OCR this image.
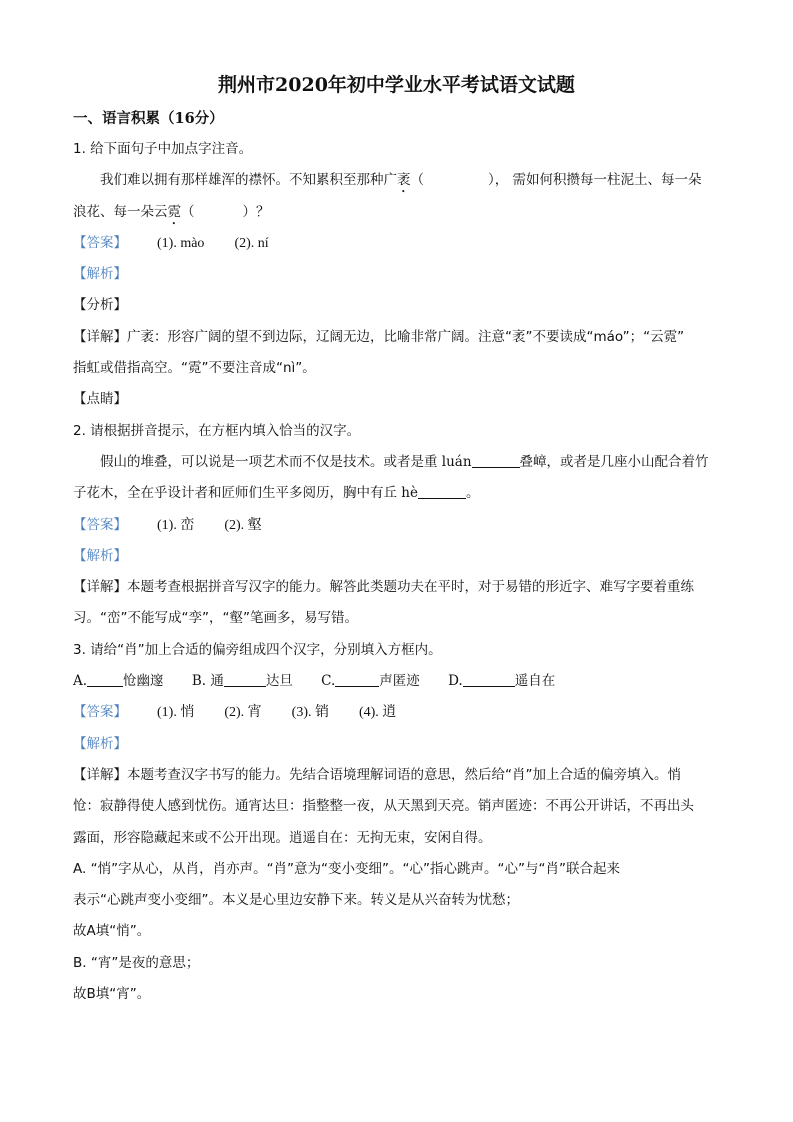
荆州市2020年初中学业水平考试语文试题
一、语言积累（16分）
1. 给下面句子中加点字注音。
我们难以拥有那样雄浑的襟怀。不知累积至那种广袤（	）， 需如何积攒每一柱泥土、每一朵
浪花、每一朵云霓（	）？
【答案】 (1). mào (2). ní
【解析】
【分析】
【详解】广袤：形容广阔的望不到边际，辽阔无边，比喻非常广阔。注意“袤”不要读成“máo”；“云霓”
指虹或借指高空。“霓”不要注音成“nì”。
【点睛】
2. 请根据拼音提示，在方框内填入恰当的汉字。
假山的堆叠，可以说是一项艺术而不仅是技术。或者是重 luán	叠嶂，或者是几座小山配合着竹
子花木，全在乎设计者和匠师们生平多阅历，胸中有丘 hè	。
【答案】 (1). 峦 (2). 壑
【解析】
【详解】本题考查根据拼音写汉字的能力。解答此类题功夫在平时，对于易错的形近字、难写字要着重练
习。“峦”不能写成“孪”，“壑”笔画多，易写错。
3. 请给“肖”加上合适的偏旁组成四个汉字，分别填入方框内。
A.	怆幽邃 B. 通	达旦 C.	声匿迹 D.	遥自在
【答案】 (1). 悄 (2). 宵 (3). 销 (4). 逍
【解析】
【详解】本题考查汉字书写的能力。先结合语境理解词语的意思，然后给“肖”加上合适的偏旁填入。悄
怆：寂静得使人感到忧伤。通宵达旦：指整整一夜，从天黑到天亮。销声匿迹：不再公开讲话，不再出头
露面，形容隐藏起来或不公开出现。逍遥自在：无拘无束，安闲自得。
A. “悄”字从心，从肖，肖亦声。“肖”意为“变小变细”。“心”指心跳声。“心”与“肖”联合起来
表示“心跳声变小变细”。本义是心里边安静下来。转义是从兴奋转为忧愁；
故A填“悄”。
B. “宵”是夜的意思；
故B填“宵”。
